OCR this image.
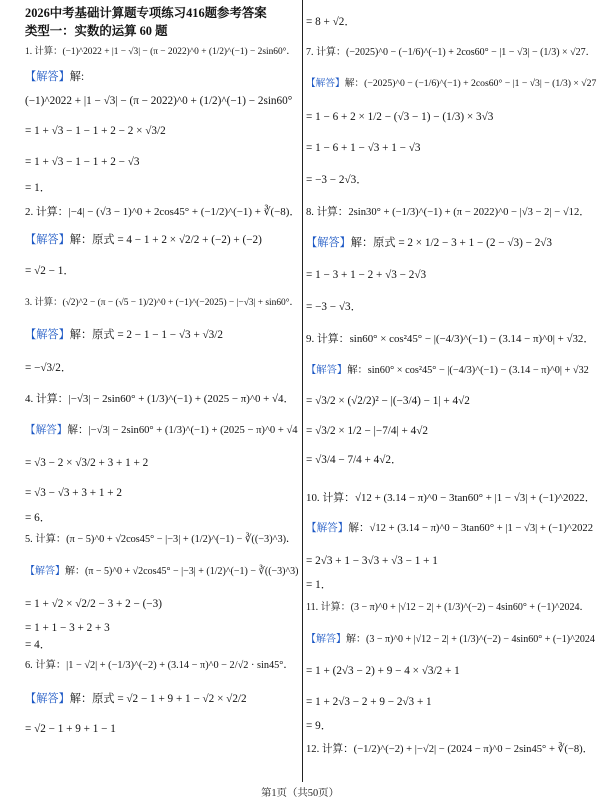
2026中考基础计算题专项练习416题参考答案
类型一：实数的运算 60 题
1. 计算：(−1)^2022 + |1 − √3| − (π − 2022)^0 + (1/2)^(−1) − 2sin60°．
【解答】解:
(−1)^2022 + |1 − √3| − (π − 2022)^0 + (1/2)^(−1) − 2sin60°
= 1 + √3 − 1 − 1 + 2 − 2 × √3/2
= 1 + √3 − 1 − 1 + 2 − √3
= 1．
2. 计算：|−4| − (√3 − 1)^0 + 2cos45° + (−1/2)^(−1) + ∛(−8)．
【解答】解：原式 = 4 − 1 + 2 × √2/2 + (−2) + (−2)
= √2 − 1．
3. 计算：(√2)^2 − (π − (√5 − 1)/2)^0 + (−1)^(−2025) − |−√3| + sin60°．
【解答】解：原式 = 2 − 1 − 1 − √3 + √3/2
= −√3/2．
4. 计算：|−√3| − 2sin60° + (1/3)^(−1) + (2025 − π)^0 + √4．
【解答】解：|−√3| − 2sin60° + (1/3)^(−1) + (2025 − π)^0 + √4
= √3 − 2 × √3/2 + 3 + 1 + 2
= √3 − √3 + 3 + 1 + 2
= 6．
5. 计算：(π − 5)^0 + √2cos45° − |−3| + (1/2)^(−1) − ∛((−3)^3)．
【解答】解：(π − 5)^0 + √2cos45° − |−3| + (1/2)^(−1) − ∛((−3)^3)
= 1 + √2 × √2/2 − 3 + 2 − (−3)
= 1 + 1 − 3 + 2 + 3
= 4．
6. 计算：|1 − √2| + (−1/3)^(−2) + (3.14 − π)^0 − 2/√2 · sin45°．
【解答】解：原式 = √2 − 1 + 9 + 1 − √2 × √2/2
= √2 − 1 + 9 + 1 − 1
= 8 + √2．
7. 计算：(−2025)^0 − (−1/6)^(−1) + 2cos60° − |1 − √3| − (1/3) × √27．
【解答】解：(−2025)^0 − (−1/6)^(−1) + 2cos60° − |1 − √3| − (1/3) × √27
= 1 − 6 + 2 × 1/2 − (√3 − 1) − (1/3) × 3√3
= 1 − 6 + 1 − √3 + 1 − √3
= −3 − 2√3．
8. 计算：2sin30° + (−1/3)^(−1) + (π − 2022)^0 − |√3 − 2| − √12．
【解答】解：原式 = 2 × 1/2 − 3 + 1 − (2 − √3) − 2√3
= 1 − 3 + 1 − 2 + √3 − 2√3
= −3 − √3．
9. 计算：sin60° × cos²45° − |(−4/3)^(−1) − (3.14 − π)^0| + √32．
【解答】解：sin60° × cos²45° − |(−4/3)^(−1) − (3.14 − π)^0| + √32
= √3/2 × (√2/2)² − |(−3/4) − 1| + 4√2
= √3/2 × 1/2 − |−7/4| + 4√2
= √3/4 − 7/4 + 4√2．
10. 计算：√12 + (3.14 − π)^0 − 3tan60° + |1 − √3| + (−1)^2022．
【解答】解：√12 + (3.14 − π)^0 − 3tan60° + |1 − √3| + (−1)^2022
= 2√3 + 1 − 3√3 + √3 − 1 + 1
= 1．
11. 计算：(3 − π)^0 + |√12 − 2| + (1/3)^(−2) − 4sin60° + (−1)^2024．
【解答】解：(3 − π)^0 + |√12 − 2| + (1/3)^(−2) − 4sin60° + (−1)^2024
= 1 + (2√3 − 2) + 9 − 4 × √3/2 + 1
= 1 + 2√3 − 2 + 9 − 2√3 + 1
= 9．
12. 计算：(−1/2)^(−2) + |−√2| − (2024 − π)^0 − 2sin45° + ∛(−8)．
第1页（共50页）
